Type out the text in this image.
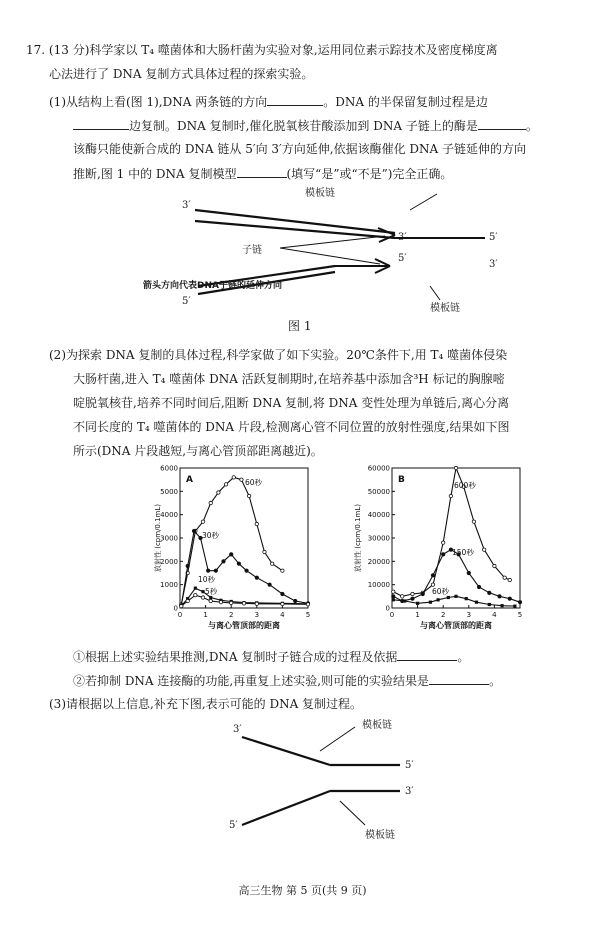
17. (13 分)科学家以 T₄ 噬菌体和大肠杆菌为实验对象,运用同位素示踪技术及密度梯度离
心法进行了 DNA 复制方式具体过程的探索实验。
(1)从结构上看(图 1),DNA 两条链的方向	。DNA 的半保留复制过程是边
边复制。DNA 复制时,催化脱氧核苷酸添加到 DNA 子链上的酶是	。
该酶只能使新合成的 DNA 链从 5′向 3′方向延伸,依据该酶催化 DNA 子链延伸的方向
推断,图 1 中的 DNA 复制模型	(填写“是”或“不是”)完全正确。
模板链
3′
3′	5′
子链
5′
3′
箭头方向代表DNA子链的延伸方向
5′
模板链
图 1
(2)为探索 DNA 复制的具体过程,科学家做了如下实验。20℃条件下,用 T₄ 噬菌体侵染
大肠杆菌,进入 T₄ 噬菌体 DNA 活跃复制期时,在培养基中添加含³H 标记的胸腺嘧
啶脱氧核苷,培养不同时间后,阻断 DNA 复制,将 DNA 变性处理为单链后,离心分离
不同长度的 T₄ 噬菌体的 DNA 片段,检测离心管不同位置的放射性强度,结果如下图
所示(DNA 片段越短,与离心管顶部距离越近)。
0
1000
2000
3000
4000
5000
6000
0	1	2	3	4	5
与离心管顶部的距离
放射性 (cpm/0.1mL)
A	60秒
30秒
10秒
5秒
0
10000
20000
30000
40000
50000
60000
0	1	2	3	4	5
与离心管顶部的距离
放射性 (cpm/0.1mL)
B
600秒
150秒
60秒
①根据上述实验结果推测,DNA 复制时子链合成的过程及依据	。
②若抑制 DNA 连接酶的功能,再重复上述实验,则可能的实验结果是	。
(3)请根据以上信息,补充下图,表示可能的 DNA 复制过程。
3′	模板链
5′
3′
5′
模板链
高三生物 第 5 页(共 9 页)
